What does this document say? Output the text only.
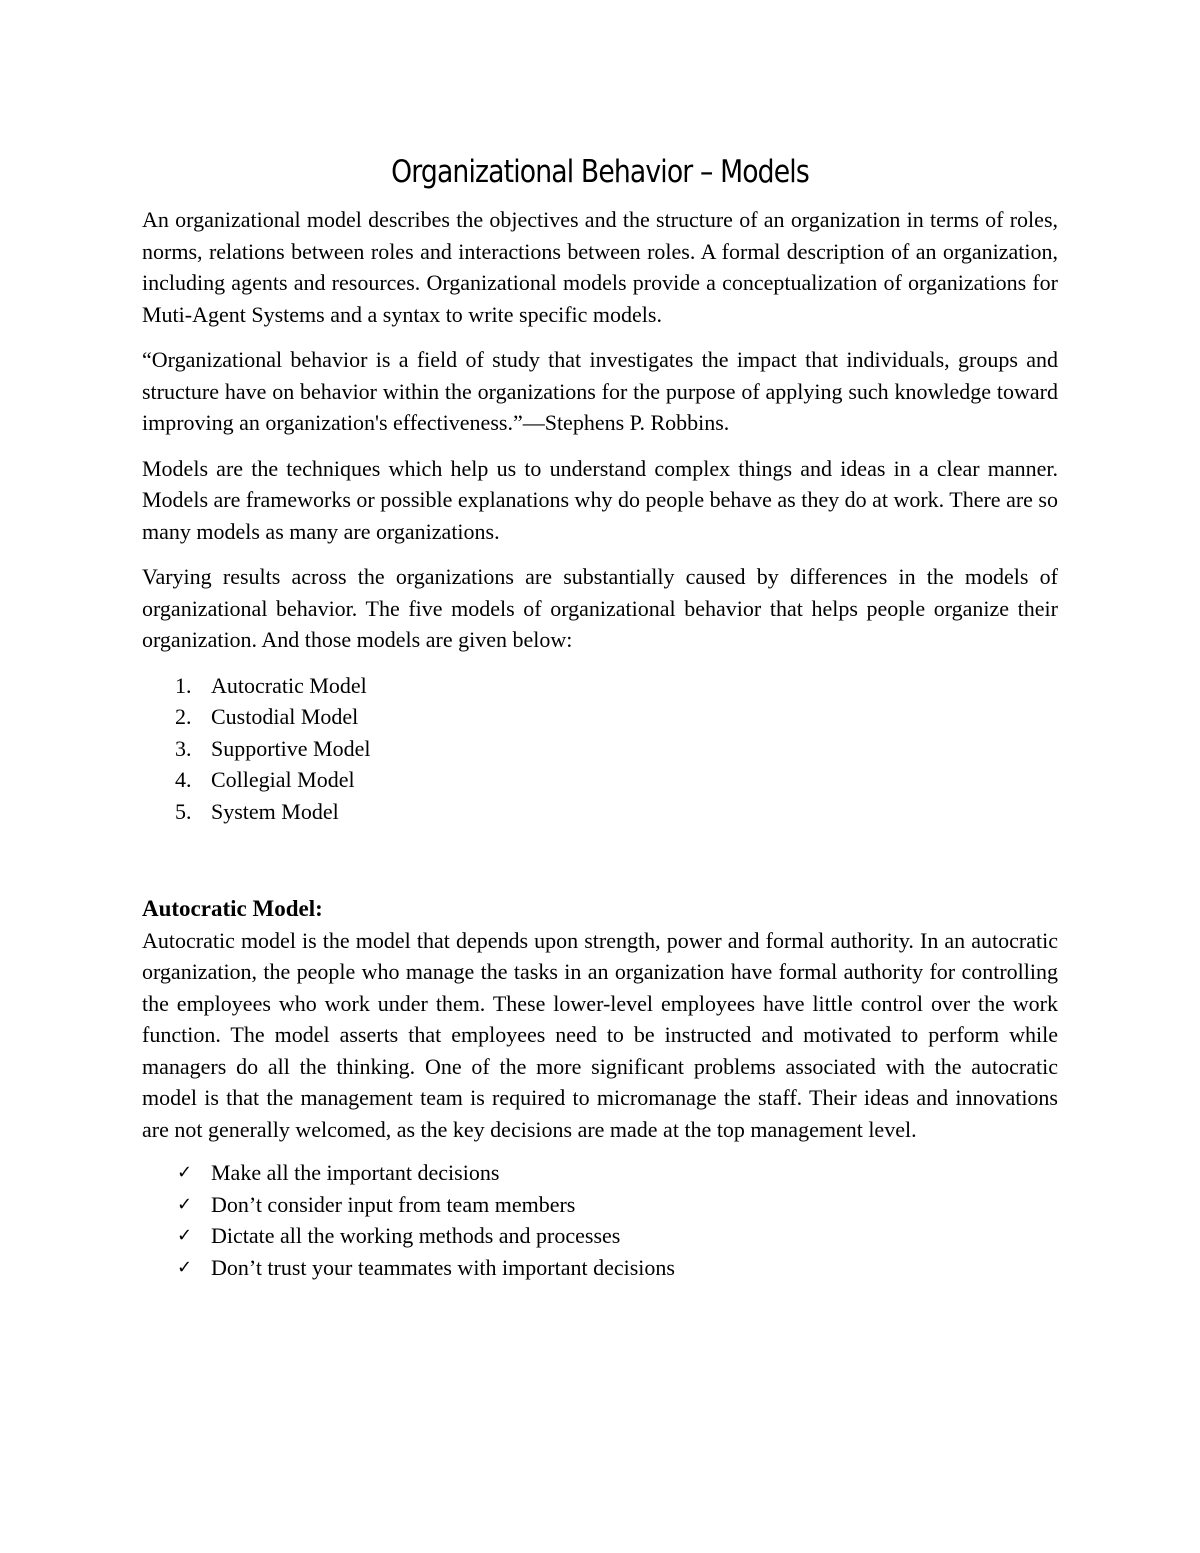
Organizational Behavior – Models

An organizational model describes the objectives and the structure of an organization in terms of roles, norms, relations between roles and interactions between roles. A formal description of an organization, including agents and resources. Organizational models provide a conceptualization of organizations for Muti-Agent Systems and a syntax to write specific models.

“Organizational behavior is a field of study that investigates the impact that individuals, groups and structure have on behavior within the organizations for the purpose of applying such knowledge toward improving an organization's effectiveness.”—Stephens P. Robbins.

Models are the techniques which help us to understand complex things and ideas in a clear manner. Models are frameworks or possible explanations why do people behave as they do at work. There are so many models as many are organizations.

Varying results across the organizations are substantially caused by differences in the models of organizational behavior. The five models of organizational behavior that helps people organize their organization. And those models are given below:

1. Autocratic Model
2. Custodial Model
3. Supportive Model
4. Collegial Model
5. System Model
Autocratic Model:

Autocratic model is the model that depends upon strength, power and formal authority. In an autocratic organization, the people who manage the tasks in an organization have formal authority for controlling the employees who work under them. These lower-level employees have little control over the work function. The model asserts that employees need to be instructed and motivated to perform while managers do all the thinking. One of the more significant problems associated with the autocratic model is that the management team is required to micromanage the staff. Their ideas and innovations are not generally welcomed, as the key decisions are made at the top management level.

✓ Make all the important decisions
✓ Don’t consider input from team members
✓ Dictate all the working methods and processes
✓ Don’t trust your teammates with important decisions
